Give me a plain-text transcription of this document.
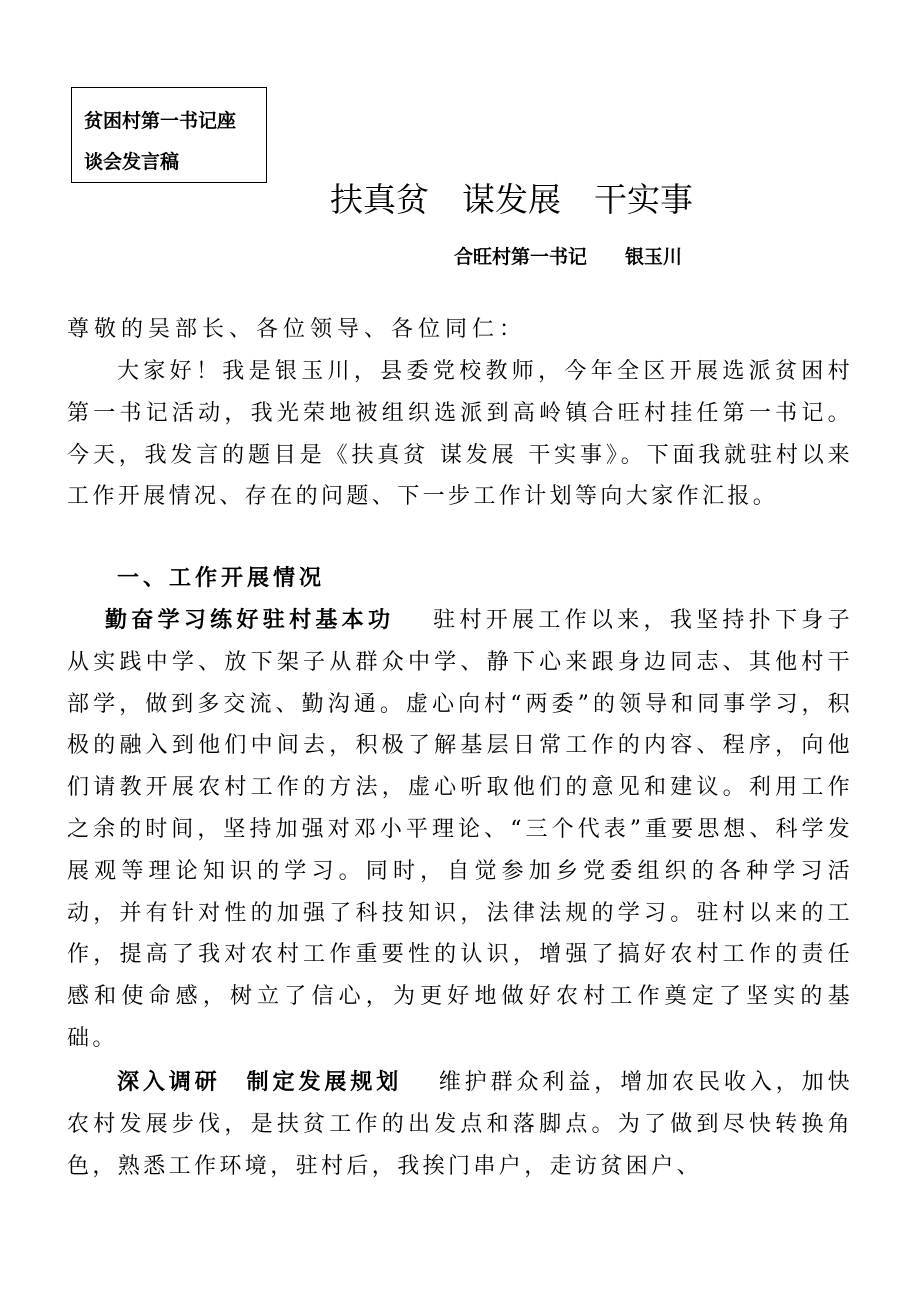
贫困村第一书记座
谈会发言稿
扶真贫　谋发展　干实事
合旺村第一书记　　银玉川
尊敬的吴部长、各位领导、各位同仁：

大家好！我是银玉川，县委党校教师，今年全区开展选派贫困村第一书记活动，我光荣地被组织选派到高岭镇合旺村挂任第一书记。今天，我发言的题目是《扶真贫 谋发展 干实事》。下面我就驻村以来工作开展情况、存在的问题、下一步工作计划等向大家作汇报。

一、工作开展情况

勤奋学习练好驻村基本功 驻村开展工作以来，我坚持扑下身子从实践中学、放下架子从群众中学、静下心来跟身边同志、其他村干部学，做到多交流、勤沟通。虚心向村“两委”的领导和同事学习，积极的融入到他们中间去，积极了解基层日常工作的内容、程序，向他们请教开展农村工作的方法，虚心听取他们的意见和建议。利用工作之余的时间，坚持加强对邓小平理论、“三个代表”重要思想、科学发展观等理论知识的学习。同时，自觉参加乡党委组织的各种学习活动，并有针对性的加强了科技知识，法律法规的学习。驻村以来的工作，提高了我对农村工作重要性的认识，增强了搞好农村工作的责任感和使命感，树立了信心，为更好地做好农村工作奠定了坚实的基础。

深入调研　制定发展规划 维护群众利益，增加农民收入，加快农村发展步伐，是扶贫工作的出发点和落脚点。为了做到尽快转换角色，熟悉工作环境，驻村后，我挨门串户，走访贫困户、
